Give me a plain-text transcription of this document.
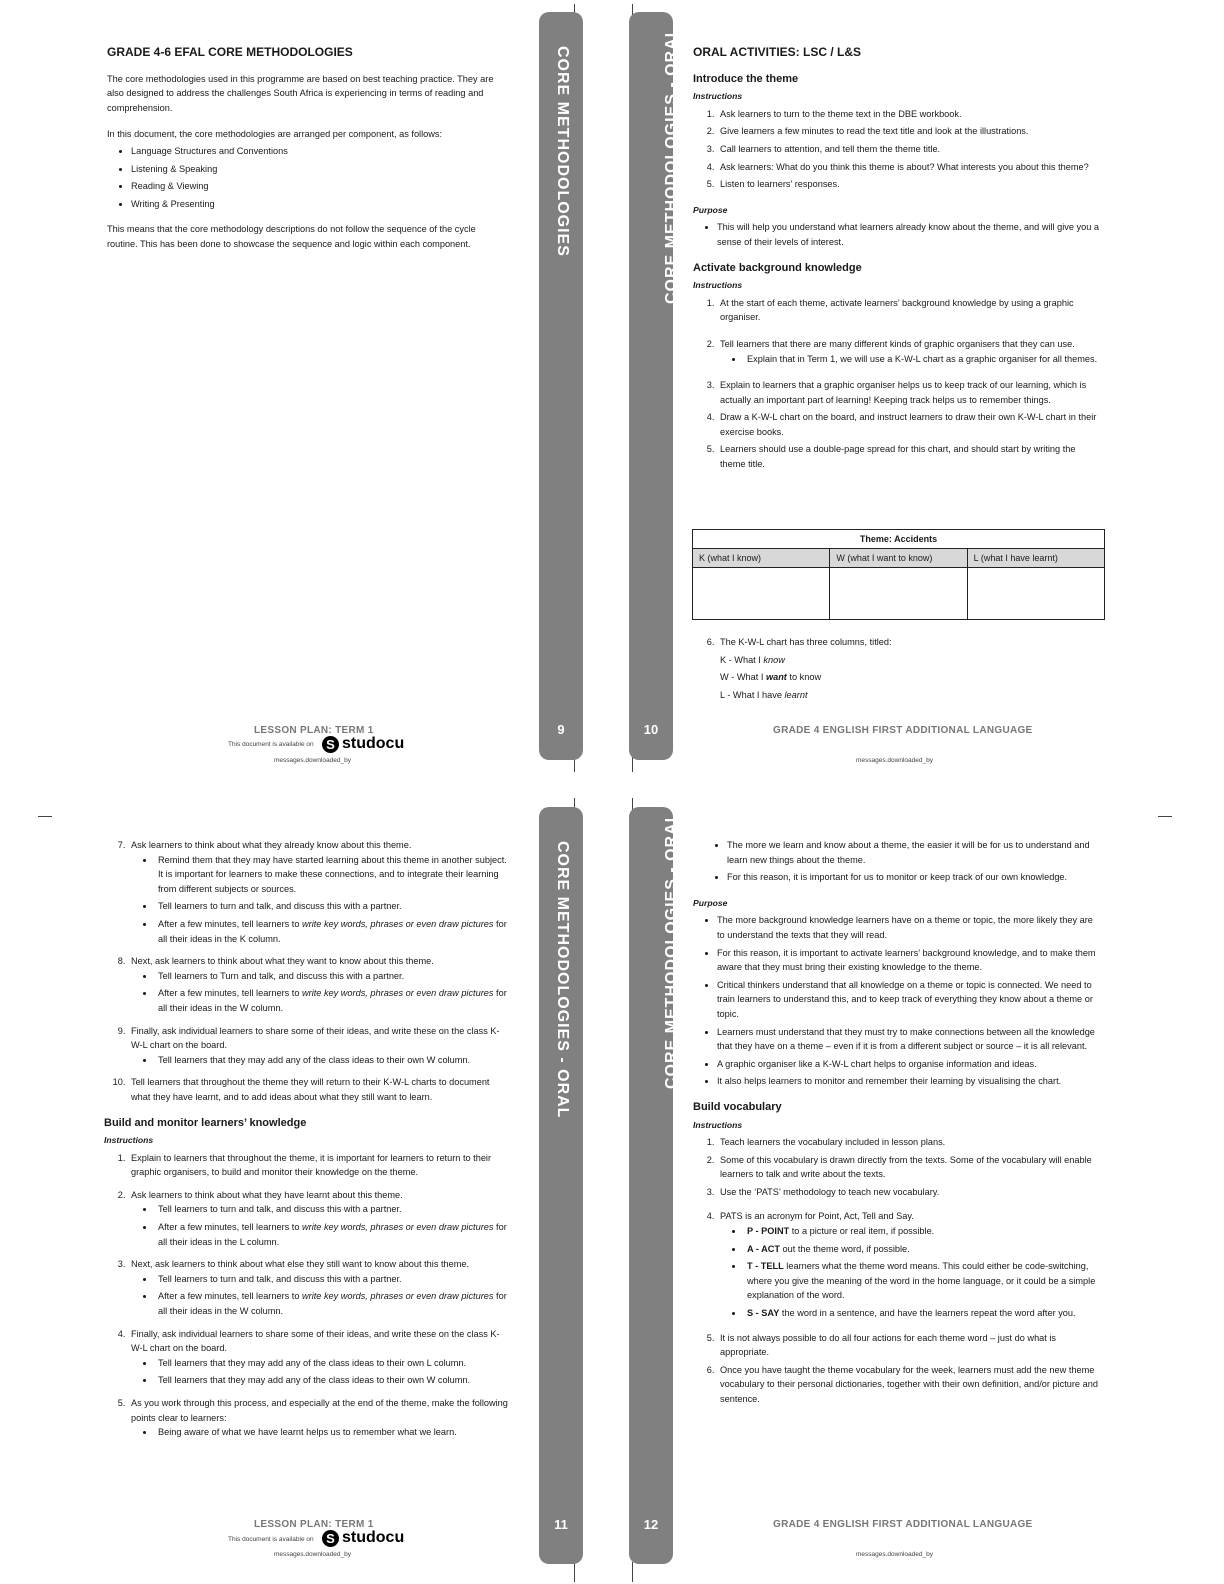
GRADE 4-6 EFAL CORE METHODOLOGIES

The core methodologies used in this programme are based on best teaching practice. They are also designed to address the challenges South Africa is experiencing in terms of reading and comprehension.

In this document, the core methodologies are arranged per component, as follows:

• Language Structures and Conventions
• Listening & Speaking
• Reading & Viewing
• Writing & Presenting

This means that the core methodology descriptions do not follow the sequence of the cycle routine. This has been done to showcase the sequence and logic within each component.	CORE METHODOLOGIES
9
LESSON PLAN: TERM 1
This document is available on S studocu
messages.downloaded_by
CORE METHODOLOGIES - ORAL
10
ORAL ACTIVITIES: LSC / L&S
Introduce the theme
Instructions
1. Ask learners to turn to the theme text in the DBE workbook.
2. Give learners a few minutes to read the text title and look at the illustrations.
3. Call learners to attention, and tell them the theme title.
4. Ask learners: What do you think this theme is about? What interests you about this theme?
5. Listen to learners’ responses.
Purpose
• This will help you understand what learners already know about the theme, and will give you a sense of their levels of interest.
Activate background knowledge
Instructions
1. At the start of each theme, activate learners’ background knowledge by using a graphic organiser.
2. Tell learners that there are many different kinds of graphic organisers that they can use.
• Explain that in Term 1, we will use a K-W-L chart as a graphic organiser for all themes.
3. Explain to learners that a graphic organiser helps us to keep track of our learning, which is actually an important part of learning! Keeping track helps us to remember things.
4. Draw a K-W-L chart on the board, and instruct learners to draw their own K-W-L chart in their exercise books.
5. Learners should use a double-page spread for this chart, and should start by writing the theme title.
Theme: Accidents		
K (what I know)	W (what I want to know)	L (what I have learnt)

6. The K-W-L chart has three columns, titled:
K - What I know
W - What I want to know
L - What I have learnt
GRADE 4 ENGLISH FIRST ADDITIONAL LANGUAGE
messages.downloaded_by
7. Ask learners to think about what they already know about this theme.
• Remind them that they may have started learning about this theme in another subject. It is important for learners to make these connections, and to integrate their learning from different subjects or sources.
• Tell learners to turn and talk, and discuss this with a partner.
• After a few minutes, tell learners to write key words, phrases or even draw pictures for all their ideas in the K column.
8. Next, ask learners to think about what they want to know about this theme.
• Tell learners to Turn and talk, and discuss this with a partner.
• After a few minutes, tell learners to write key words, phrases or even draw pictures for all their ideas in the W column.
9. Finally, ask individual learners to share some of their ideas, and write these on the class K-W-L chart on the board.
• Tell learners that they may add any of the class ideas to their own W column.
10. Tell learners that throughout the theme they will return to their K-W-L charts to document what they have learnt, and to add ideas about what they still want to learn.
Build and monitor learners’ knowledge
Instructions
1. Explain to learners that throughout the theme, it is important for learners to return to their graphic organisers, to build and monitor their knowledge on the theme.
2. Ask learners to think about what they have learnt about this theme.
• Tell learners to turn and talk, and discuss this with a partner.
• After a few minutes, tell learners to write key words, phrases or even draw pictures for all their ideas in the L column.
3. Next, ask learners to think about what else they still want to know about this theme.
• Tell learners to turn and talk, and discuss this with a partner.
• After a few minutes, tell learners to write key words, phrases or even draw pictures for all their ideas in the W column.
4. Finally, ask individual learners to share some of their ideas, and write these on the class K-W-L chart on the board.
• Tell learners that they may add any of the class ideas to their own L column.
• Tell learners that they may add any of the class ideas to their own W column.
5. As you work through this process, and especially at the end of the theme, make the following points clear to learners:
• Being aware of what we have learnt helps us to remember what we learn.
CORE METHODOLOGIES - ORAL
11
LESSON PLAN: TERM 1
This document is available on S studocu
messages.downloaded_by
CORE METHODOLOGIES - ORAL
12
• The more we learn and know about a theme, the easier it will be for us to understand and learn new things about the theme.
• For this reason, it is important for us to monitor or keep track of our own knowledge.
Purpose
• The more background knowledge learners have on a theme or topic, the more likely they are to understand the texts that they will read.
• For this reason, it is important to activate learners’ background knowledge, and to make them aware that they must bring their existing knowledge to the theme.
• Critical thinkers understand that all knowledge on a theme or topic is connected. We need to train learners to understand this, and to keep track of everything they know about a theme or topic.
• Learners must understand that they must try to make connections between all the knowledge that they have on a theme – even if it is from a different subject or source – it is all relevant.
• A graphic organiser like a K-W-L chart helps to organise information and ideas.
• It also helps learners to monitor and remember their learning by visualising the chart.
Build vocabulary
Instructions
1. Teach learners the vocabulary included in lesson plans.
2. Some of this vocabulary is drawn directly from the texts. Some of the vocabulary will enable learners to talk and write about the texts.
3. Use the ‘PATS’ methodology to teach new vocabulary.
4. PATS is an acronym for Point, Act, Tell and Say.
• P - POINT to a picture or real item, if possible.
• A - ACT out the theme word, if possible.
• T - TELL learners what the theme word means. This could either be code-switching, where you give the meaning of the word in the home language, or it could be a simple explanation of the word.
• S - SAY the word in a sentence, and have the learners repeat the word after you.
5. It is not always possible to do all four actions for each theme word – just do what is appropriate.
6. Once you have taught the theme vocabulary for the week, learners must add the new theme vocabulary to their personal dictionaries, together with their own definition, and/or picture and sentence.
GRADE 4 ENGLISH FIRST ADDITIONAL LANGUAGE
messages.downloaded_by
